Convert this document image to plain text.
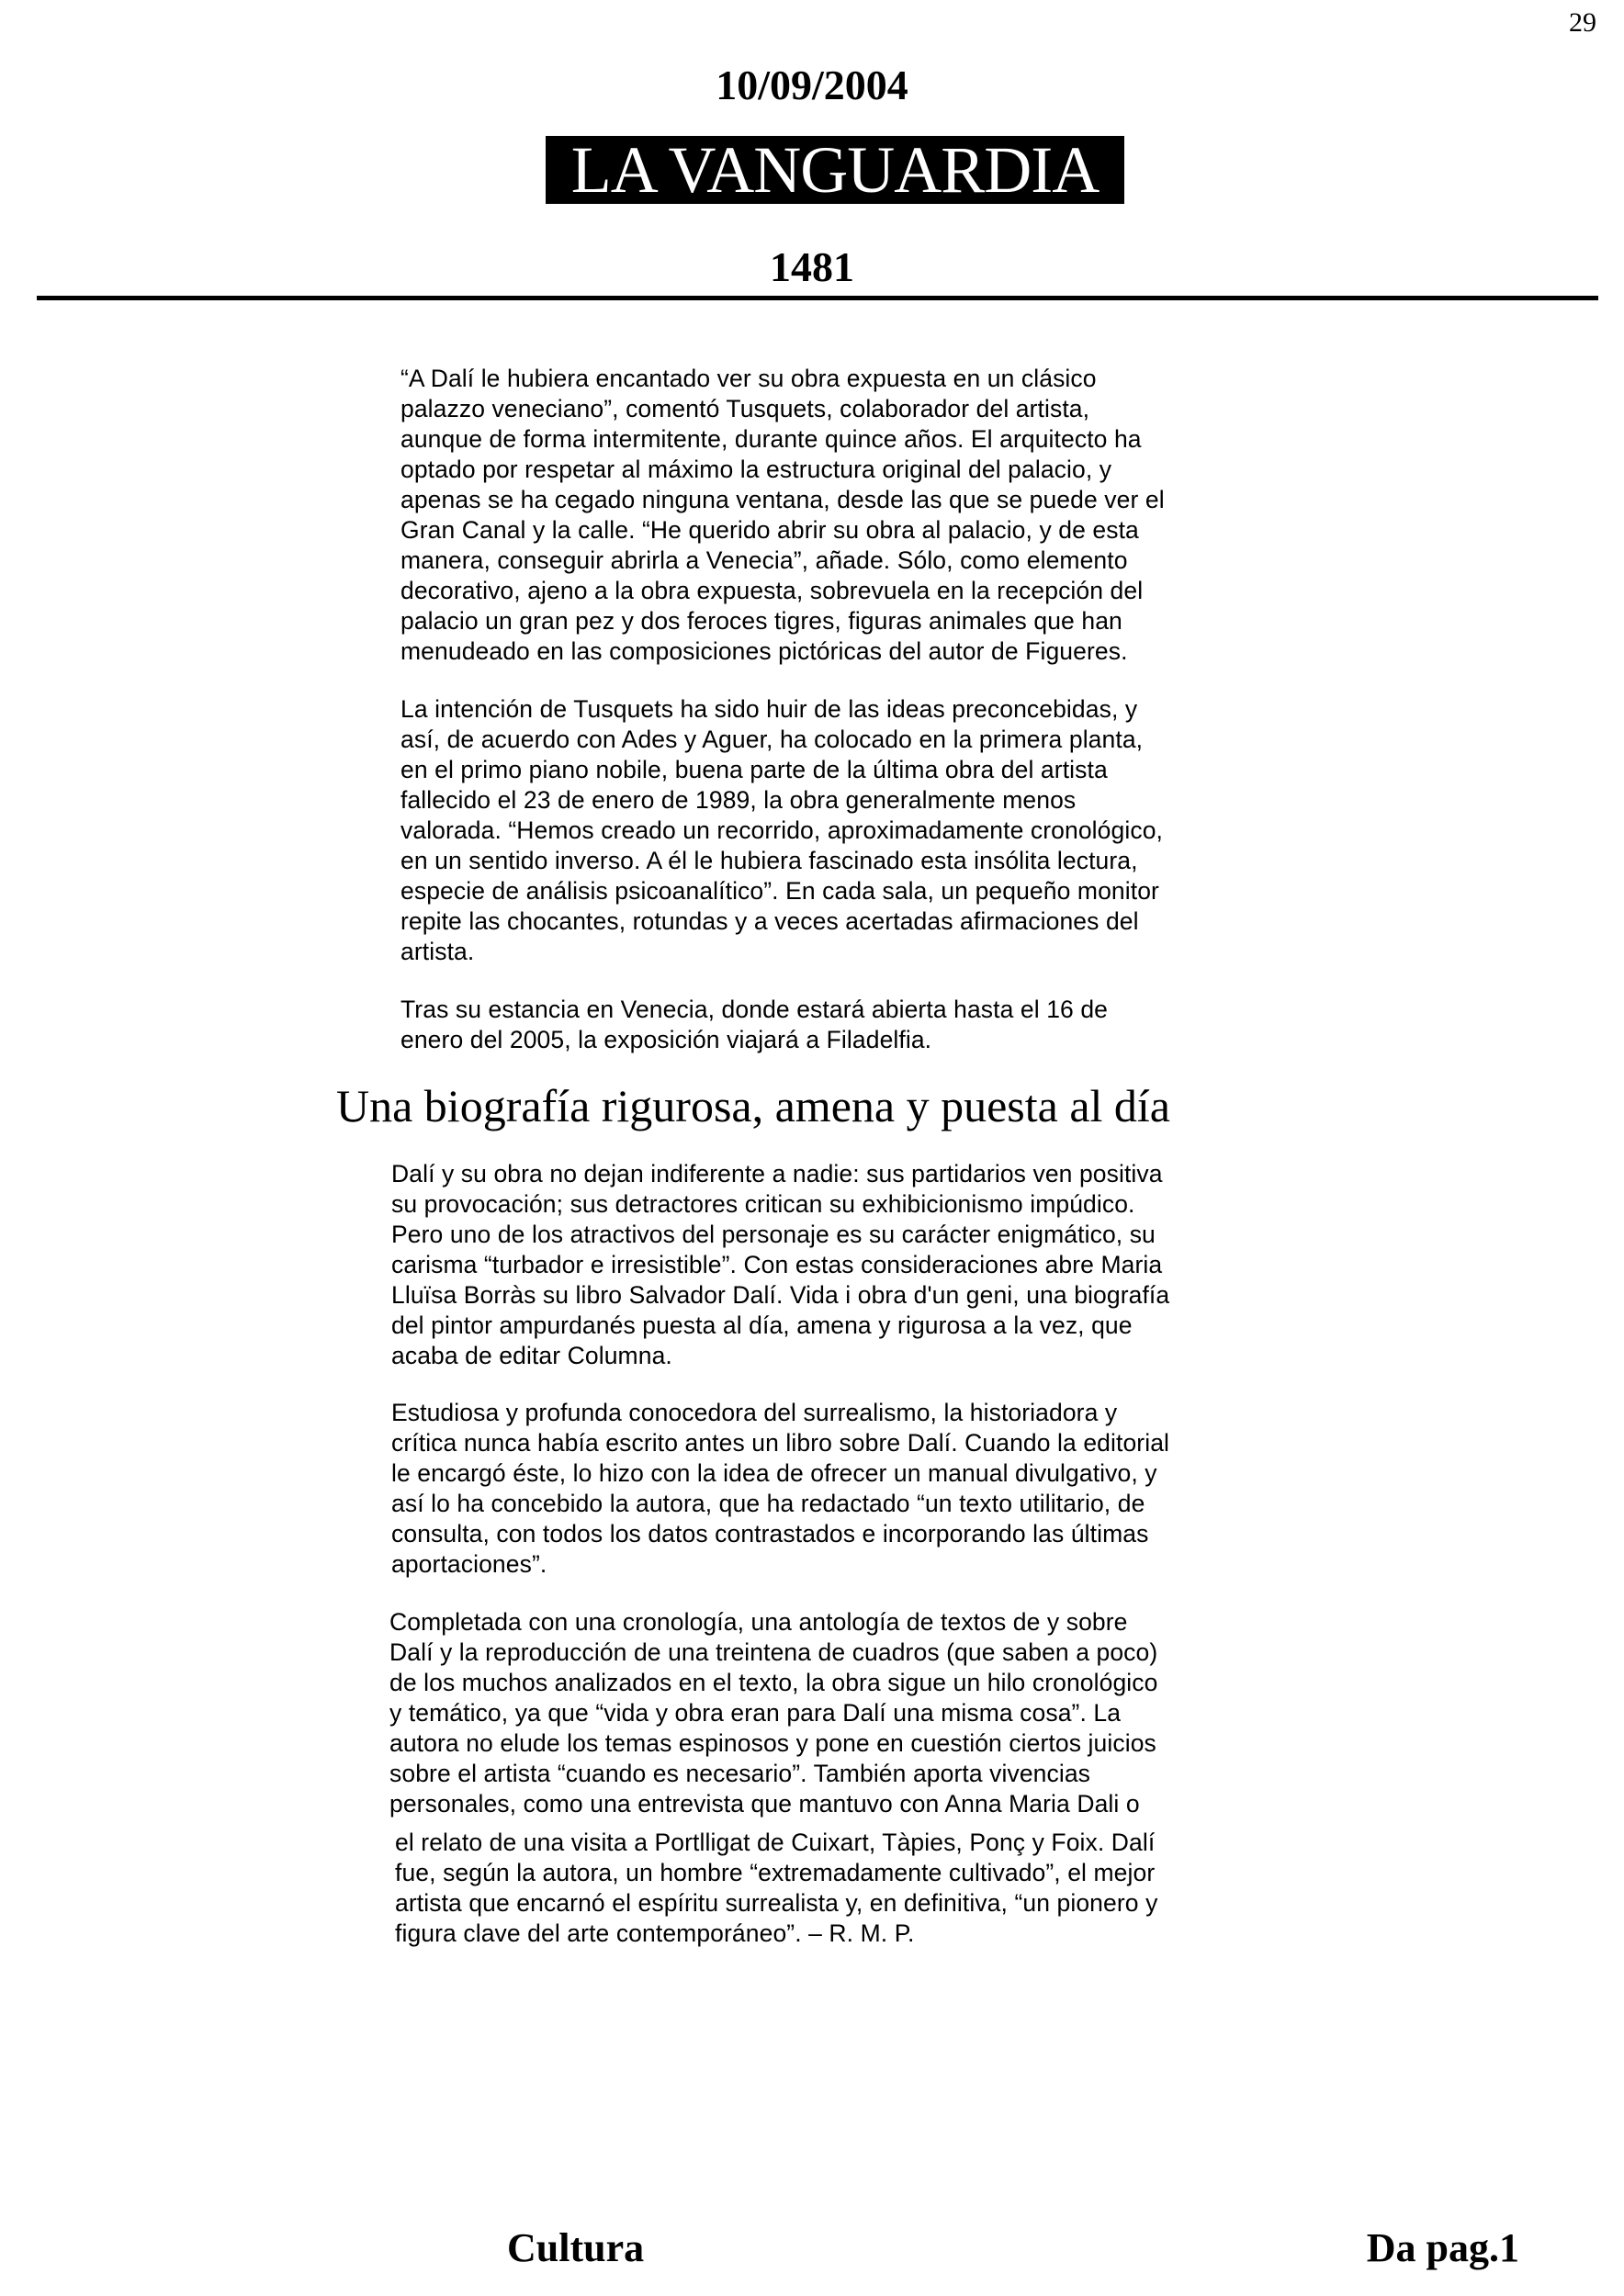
29
10/09/2004
LA VANGUARDIA
1481

“A Dalí le hubiera encantado ver su obra expuesta en un clásico
palazzo veneciano”, comentó Tusquets, colaborador del artista,
aunque de forma intermitente, durante quince años. El arquitecto ha
optado por respetar al máximo la estructura original del palacio, y
apenas se ha cegado ninguna ventana, desde las que se puede ver el
Gran Canal y la calle. “He querido abrir su obra al palacio, y de esta
manera, conseguir abrirla a Venecia”, añade. Sólo, como elemento
decorativo, ajeno a la obra expuesta, sobrevuela en la recepción del
palacio un gran pez y dos feroces tigres, figuras animales que han
menudeado en las composiciones pictóricas del autor de Figueres.

La intención de Tusquets ha sido huir de las ideas preconcebidas, y
así, de acuerdo con Ades y Aguer, ha colocado en la primera planta,
en el primo piano nobile, buena parte de la última obra del artista
fallecido el 23 de enero de 1989, la obra generalmente menos
valorada. “Hemos creado un recorrido, aproximadamente cronológico,
en un sentido inverso. A él le hubiera fascinado esta insólita lectura,
especie de análisis psicoanalítico”. En cada sala, un pequeño monitor
repite las chocantes, rotundas y a veces acertadas afirmaciones del
artista.

Tras su estancia en Venecia, donde estará abierta hasta el 16 de
enero del 2005, la exposición viajará a Filadelfia.

Una biografía rigurosa, amena y puesta al día

Dalí y su obra no dejan indiferente a nadie: sus partidarios ven positiva
su provocación; sus detractores critican su exhibicionismo impúdico.
Pero uno de los atractivos del personaje es su carácter enigmático, su
carisma “turbador e irresistible”. Con estas consideraciones abre Maria
Lluïsa Borràs su libro Salvador Dalí. Vida i obra d'un geni, una biografía
del pintor ampurdanés puesta al día, amena y rigurosa a la vez, que
acaba de editar Columna.

Estudiosa y profunda conocedora del surrealismo, la historiadora y
crítica nunca había escrito antes un libro sobre Dalí. Cuando la editorial
le encargó éste, lo hizo con la idea de ofrecer un manual divulgativo, y
así lo ha concebido la autora, que ha redactado “un texto utilitario, de
consulta, con todos los datos contrastados e incorporando las últimas
aportaciones”.

Completada con una cronología, una antología de textos de y sobre
Dalí y la reproducción de una treintena de cuadros (que saben a poco)
de los muchos analizados en el texto, la obra sigue un hilo cronológico
y temático, ya que “vida y obra eran para Dalí una misma cosa”. La
autora no elude los temas espinosos y pone en cuestión ciertos juicios
sobre el artista “cuando es necesario”. También aporta vivencias
personales, como una entrevista que mantuvo con Anna Maria Dali o

el relato de una visita a Portlligat de Cuixart, Tàpies, Ponç y Foix. Dalí
fue, según la autora, un hombre “extremadamente cultivado”, el mejor
artista que encarnó el espíritu surrealista y, en definitiva, “un pionero y
figura clave del arte contemporáneo”. – R. M. P.

Cultura	Da pag.1
